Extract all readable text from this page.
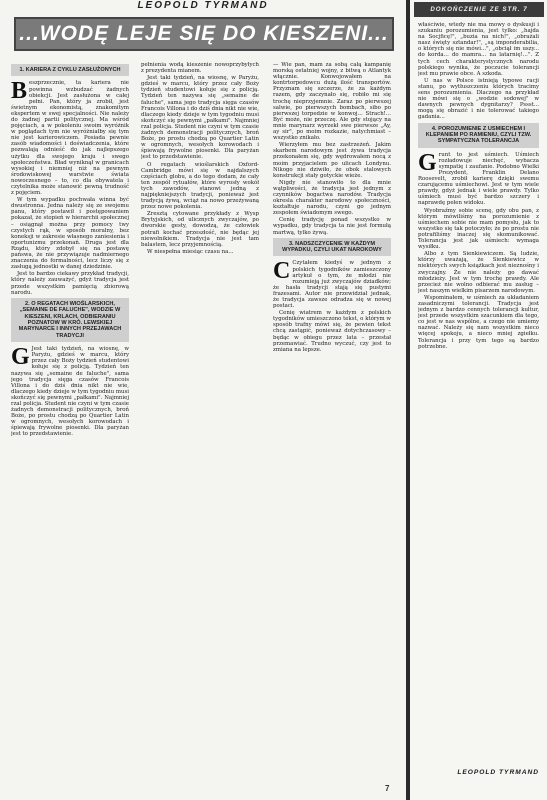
LEOPOLD TYRMAND
...WODĘ LEJE SIĘ DO KIESZENI...
1. KARIERA Z CYKLU ZASŁUŻONYCH

Beszprzecznie, ta kariera nie powinna wzbudzać żadnych obiekcji. Jest zasłużona w całej pełni. Pan, który ja zrobił, jest świetnym ekonomistą, znakomitym ekspertem w swej specjalności. Nie należy do żadnej partii politycznej. Ma wśród pojęciach, a w pokoleniu swoim wyróżnik w poglądach tym nie wyróżniałby się tym nie jest karierowiczem. Posiada pewnie zasób wiadomości i doświadczenia, które pozwalają odnieść do jak najlepszego użytku dla swojego kraju i swego społeczeństwa. Bład wyniknął w granicach wysokiej i niemniej niż na pewnym środowiskowej warstwie świata nowoczesnego – to, co dla obywatela i czytelnika może stanowić pewną trudność z pojęciem.

W tym wypadku pochwała winna być dwustronna. Jedna należy się ze swojemu panu, który postawił i postępowaniem pokazał, że stopień w hierarchii społecznej – osiągnął można przy pomocy twy czystych rąk, w sposób moralny, bez koneksji w zakresie własnego zaniesienia i oportunizmu przekonań. Druga jest dla Rządu, który zdobył się na postawę pańswa, że nie przywiązuje nadmiernego znaczenia do formalności, lecz liczy się z zasługą jednostki w danej dziedzinie.

Jest to bardzo ciekawy przykład tradycji, który należy zauważyć, gdyż tradycja jest przede wszystkim pamięcią zbiorową narodu.

2. O REGATACH WIOŚLARSKICH, „SEMAINE DE FALUCHE", WODZIE W KIESZENI, KRLACH, ODBIERANIU POZNATOW W KRÓ. LEWSKIEJ MARYNARCE I INNYCH PRZEJAWACH TRADYCJI

G Jest taki tydzień, na wiosnę, w Paryżu, gdzieś w marcu, który przez cały Boży tydzień studentowi kołuje się z policją. Tydzień ten nazywa się „semaine de faluche", sama jego tradycja sięga czasów Francois Villona i do dziś dnia nikt nie wie, dlaczego kiedy dzieje w tym tygodniu musi skończyć się pewnymi „pałkami". Najmniej rzal policja. Student nie czyni w tym czasie żadnych demonstracji politycznych, broń Boże, po prostu chodzą po Quartier Latin w ogromnych, wesołych korowodach i śpiewają frywolne piosenki. Dla paryżan jest to przedstawienie.

pełnienia wodą kieszenie nowoprzybyłych z prezydenta mianem.

Jest taki tydzień, na wiosnę, w Paryżu, gdzieś w marcu, który przez cały Boży tydzień studentowi kołuje się z policją. Tydzień ten nazywa się „semaine de faluche", sama jego tradycja sięga czasów Francois Villona i do dziś dnia nikt nie wie, dlaczego kiedy dzieje w tym tygodniu musi skończyć się pewnymi „pałkami". Najmniej rzal policja. Student nie czyni w tym czasie żadnych demonstracji politycznych, broń Boże, po prostu chodzą po Quartier Latin w ogromnych, wesołych korowodach i śpiewają frywolne piosenki. Dla paryżan jest to przedstawienie.

O regatach wioślarskich Oxford-Cambridge mówi się w najdalszych częściach globu, a do tego dodam, że cały ten zespół rytuałów, które wyrosły wokół tych zawodów, stanowi jedną z najpiękniejszych tradycji, ponieważ jest tradycją żywą, wciąż na nowo przeżywaną przez nowe pokolenia.

Zresztą cytowane przykłady z Wysp Brytyjskich, od ulicznych zwyczajów, po dworskie gesty, dowodzą, że człowiek potrafi kochać przeszłość, nie będąc jej niewolnikiem. Tradycja nie jest tam balastem, lecz przyjemnością.

W niespełna miesiąc czasu na...

— Wie pan, mam za sobą całą kampanię morską ostatniej wojny, z bitwą o Atlantyk włącznie. Konwojowałem na kontrtorpedowcu dużą ilość transportów. Przyznam się szczerze, że za każdym razem, gdy zaczynało się, robiło mi się trochę nieprzyjemnie. Zaraz po pierwszej salwie, po pierwszych bombach, sibo po pierwszej torpedzie w konwoj... Strach!... Być może, nie przeczę. Ale gdy stojący na mnie marynarz wyrzekł swe pierwsze „Ay, ay sir", po moim rozkazie, natychmiast – wszystko znikało.

Wierzyłem mu bez zastrzeżeń. Jakim skarbem narodowym jest żywa tradycja przekonałem się, gdy wędrowałem nocą z moim przyjacielem po ulicach Londynu. Nikogo nie dziwiło, że obok stalowych konstrukcji stały gotyckie wieże.

Nigdy nie stanowiło to dla mnie wątpliwości, że tradycja jest jednym z czynników bogactwa narodów. Tradycja okresla charakter narodowy społeczności, kształtuje narodu, czyni go jednym zespołem świadomym swego.

Cenię tradycję ponad wszystko w wypadku, gdy tradycja ta nie jest formułą martwą, tylko żywą.

3. NADSZCZYCENIE W KAŻDYM WYPADKU, CZYLI UKAT NAROKOWY

C Czytałem kiedyś w jednym z polskich tygodników zamieszczony artykuł o tym, że młodzi nie rozumieją już zwyczajów dziadków; że hasła tradycji stają się pustymi frazesami. Autor nie przewidział jednak, że tradycja zawsze odradza się w nowej postaci.

Cenię wiatrem w każdym z polskich tygodników umieszczono tekst, o którym w sposób trafny mówi się, że pewien tekst chcą zastąpić, ponieważ dotychczasowy – będąc w obiegu przez lata – przestał przemawiać. Trudno wyczuć, czy jest to zmiana na lepsze.

7
DOKOŃCZENIE ZE STR. 7

właściwie, wtedy nie ma mowy o dyskusji i szukaniu porozumienia, jest tylko: „hajda na Socjficę!", „buzia na nich!", „obrażali nasz święty sztandar!", „są imponderabilia, o których się nie mówi...", „obciął im uszy... do korda... do mamra... na latarnię!...". Z tych cech charakterystycznych narodu polskiego wynika, że poczucie tolerancji jest mu prawie obce. A szkoda.

U nas w Polsce istnieją typowe racji stanu, po wytłuszczeniu których tracimy sens porozumienia. Dlaczego na przykład nie mówi się o „wodzie sodowej" w dawnych pewnych dygnitarzy? Pssst... mogą się obrazić i nie tolerować takiego gadania...

4. POROZUMIENIE Z USMIECHEM I KLEPANIEM PO RAMIENIU, CZYLI TZW. SYMPATYCZNA TOLERANCJA

Grunt to jest uśmiech. Uśmiech rozładowuje niechęć, wybacza sympatię i zaufanie. Podobno Wielki Prezydent, Franklin Delano Roosevelt, zrobił karierę dzięki swemu czarującemu uśmiechowi. Jest w tym wiele prawdy, gdyż jednak i wiele prawdy. Tylko uśmiech musi być bardzo szczery i naprawdę pełen widoku.

Wyobraźmy sobie scenę, gdy obu pan, z którym mówiliśmy na porozumienie z uśmiechem sobie nie mam pomysłu, jak to wszystko się tak potoczyło; że po prostu nie potrafiliśmy inaczej się skomunikować. Tolerancja jest jak uśmiech: wymaga wysiłku.

Albo z tym Sienkiewiczem. Są ludzie, którzy uważają, że Sienkiewicz w niektórych swych książkach jest nieznośny i zwyczajny. Że nie należy go dawać młodzieży. Jest w tym trochę prawdy. Ale przecież nie wolno odbierać mu zasług – jest naszym wielkim pisarzem narodowym.

Wspominałem, w uśmiech za układaniem zasadniczymi tolerancji. Tradycja jest jednym z bardzo cennych tolerancji kultur, jest przede wszystkim szacunkiem dla tego, co jest w nas wspólne, a czego nie umiemy nazwać. Należy się nam wszystkim nieco więcej spokoju, a nieco mniej zgiełku. Tolerancja i przy tym tego są bardzo potrzebne.

LEOPOLD TYRMAND
